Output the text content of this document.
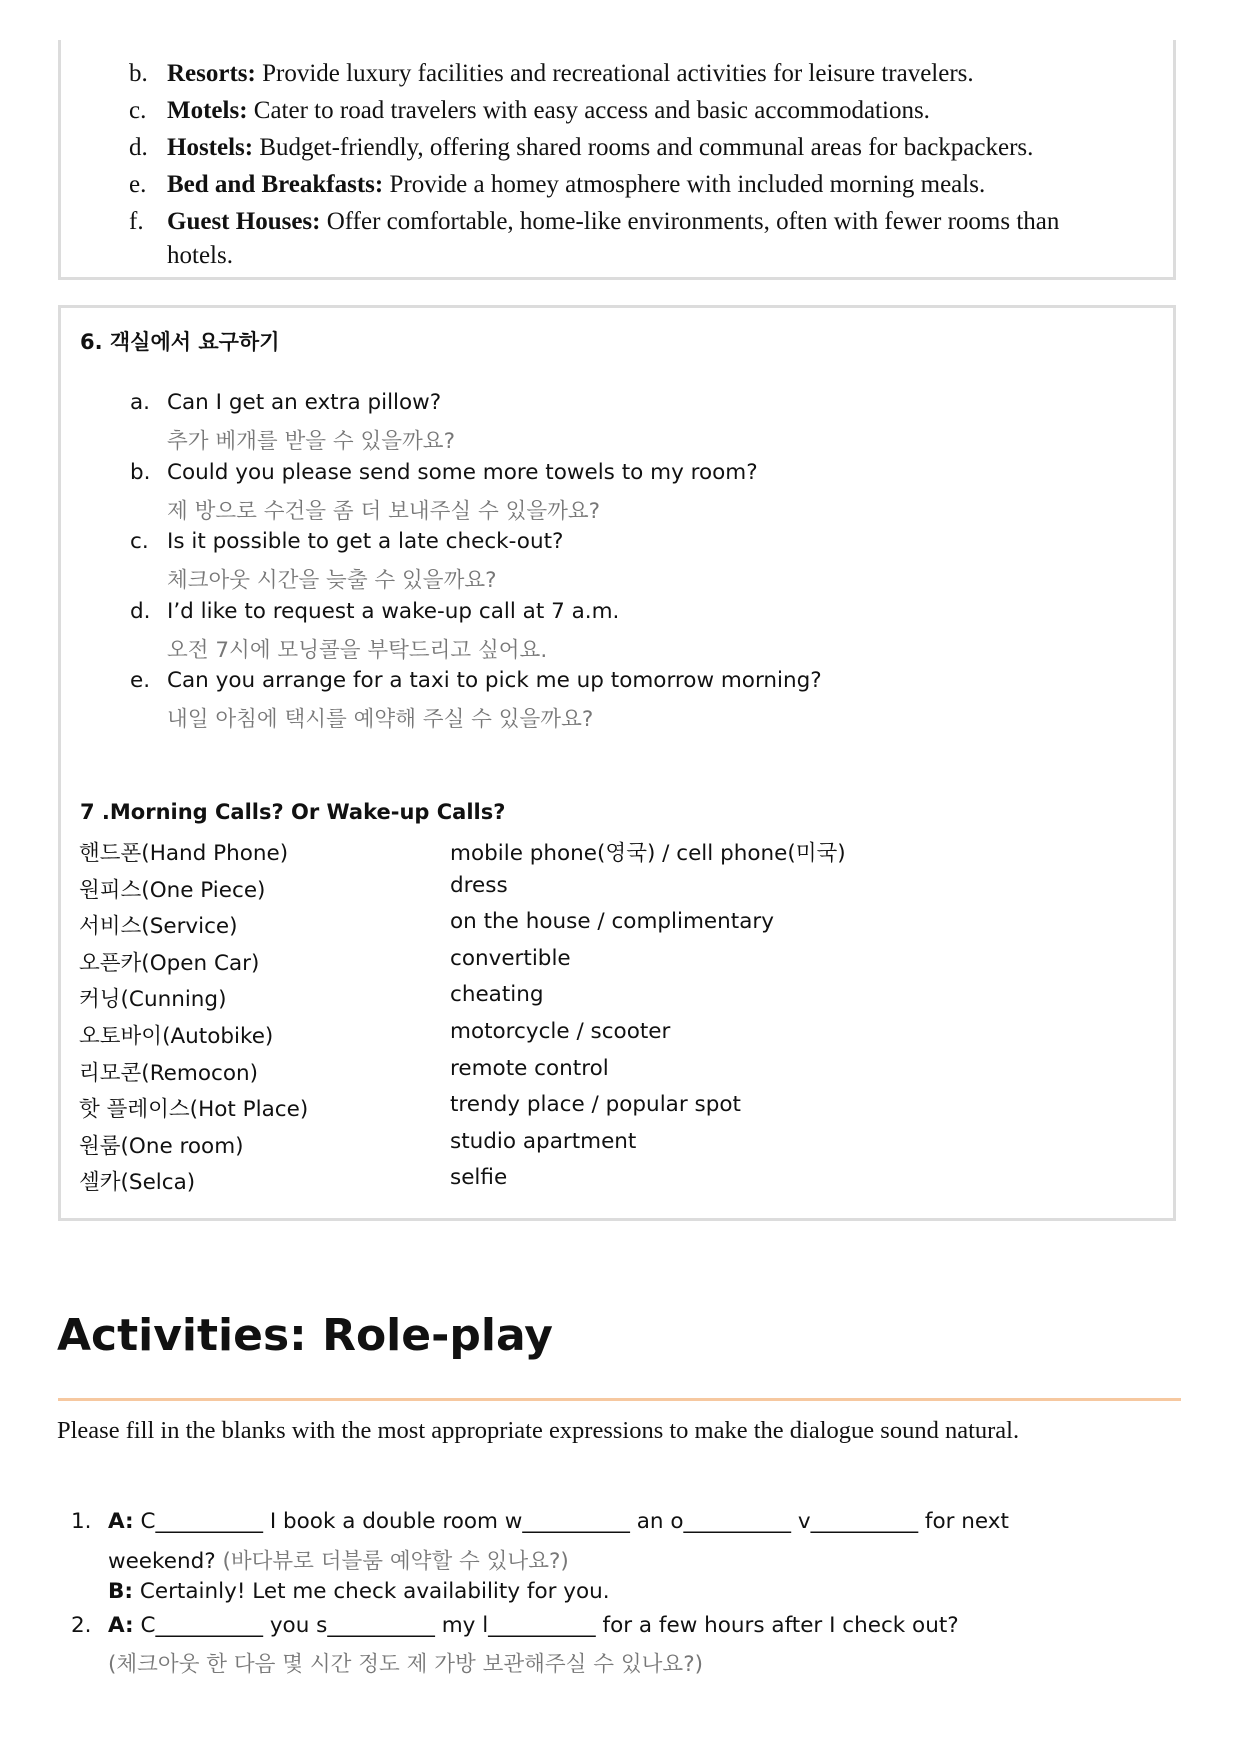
b. Resorts: Provide luxury facilities and recreational activities for leisure travelers.
c. Motels: Cater to road travelers with easy access and basic accommodations.
d. Hostels: Budget-friendly, offering shared rooms and communal areas for backpackers.
e. Bed and Breakfasts: Provide a homey atmosphere with included morning meals.
f. Guest Houses: Offer comfortable, home-like environments, often with fewer rooms than
hotels.
6. 객실에서 요구하기
a. Can I get an extra pillow?
추가 베개를 받을 수 있을까요?
b. Could you please send some more towels to my room?
제 방으로 수건을 좀 더 보내주실 수 있을까요?
c. Is it possible to get a late check-out?
체크아웃 시간을 늦출 수 있을까요?
d. I’d like to request a wake-up call at 7 a.m.
오전 7시에 모닝콜을 부탁드리고 싶어요.
e. Can you arrange for a taxi to pick me up tomorrow morning?
내일 아침에 택시를 예약해 주실 수 있을까요?
7 .Morning Calls? Or Wake-up Calls?
핸드폰(Hand Phone)	mobile phone(영국) / cell phone(미국)
원피스(One Piece)	dress
서비스(Service)	on the house / complimentary
오픈카(Open Car)	convertible
커닝(Cunning)	cheating
오토바이(Autobike)	motorcycle / scooter
리모콘(Remocon)	remote control
핫 플레이스(Hot Place)	trendy place / popular spot
원룸(One room)	studio apartment
셀카(Selca)	selfie
Activities: Role-play
Please fill in the blanks with the most appropriate expressions to make the dialogue sound natural.
1. A: C__________ I book a double room w__________ an o__________ v__________ for next
weekend? (바다뷰로 더블룸 예약할 수 있나요?)
B: Certainly! Let me check availability for you.
2. A: C__________ you s__________ my l__________ for a few hours after I check out?
(체크아웃 한 다음 몇 시간 정도 제 가방 보관해주실 수 있나요?)
